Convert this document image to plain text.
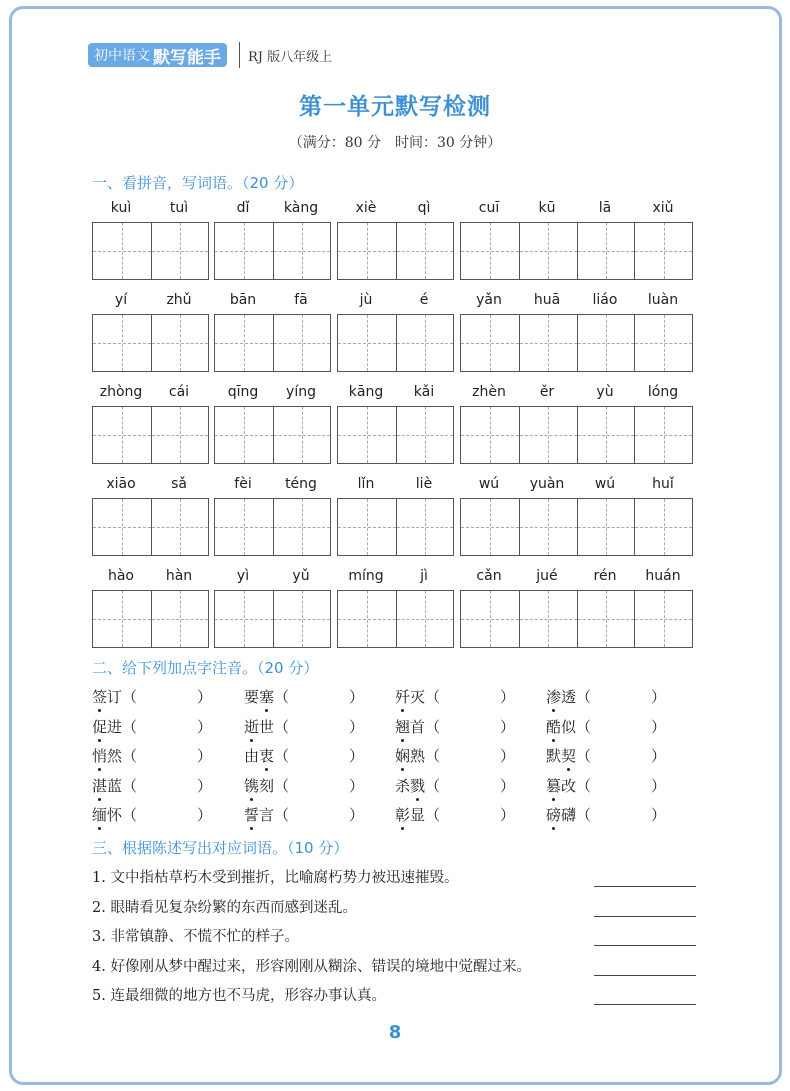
初中语文 默写能手 RJ 版八年级上
第一单元默写检测
（满分：80 分　时间：30 分钟）
一、看拼音，写词语。（20 分）
kuì	tuì	dǐ	kàng	xiè	qì	cuī	kū	lā	xiǔ
yí	zhǔ	bān	fā	jù	é	yǎn	huā	liáo	luàn
zhòng	cái	qīng	yíng	kāng	kǎi	zhèn	ěr	yù	lóng
xiāo	sǎ	fèi	téng	lǐn	liè	wú	yuàn	wú	huǐ
hào	hàn	yì	yǔ	míng	jì	cǎn	jué	rén	huán
二、给下列加点字注音。（20 分）
签订（　　　　） 要塞（　　　　） 歼灭（　　　　） 渗透（　　　　）
促进（　　　　） 逝世（　　　　） 翘首（　　　　） 酷似（　　　　）
悄然（　　　　） 由衷（　　　　） 娴熟（　　　　） 默契（　　　　）
湛蓝（　　　　） 镌刻（　　　　） 杀戮（　　　　） 篡改（　　　　）
缅怀（　　　　） 誓言（　　　　） 彰显（　　　　） 磅礴（　　　　）
三、根据陈述写出对应词语。（10 分）
1. 文中指枯草朽木受到摧折，比喻腐朽势力被迅速摧毁。
2. 眼睛看见复杂纷繁的东西而感到迷乱。
3. 非常镇静、不慌不忙的样子。
4. 好像刚从梦中醒过来，形容刚刚从糊涂、错误的境地中觉醒过来。
5. 连最细微的地方也不马虎，形容办事认真。
8
